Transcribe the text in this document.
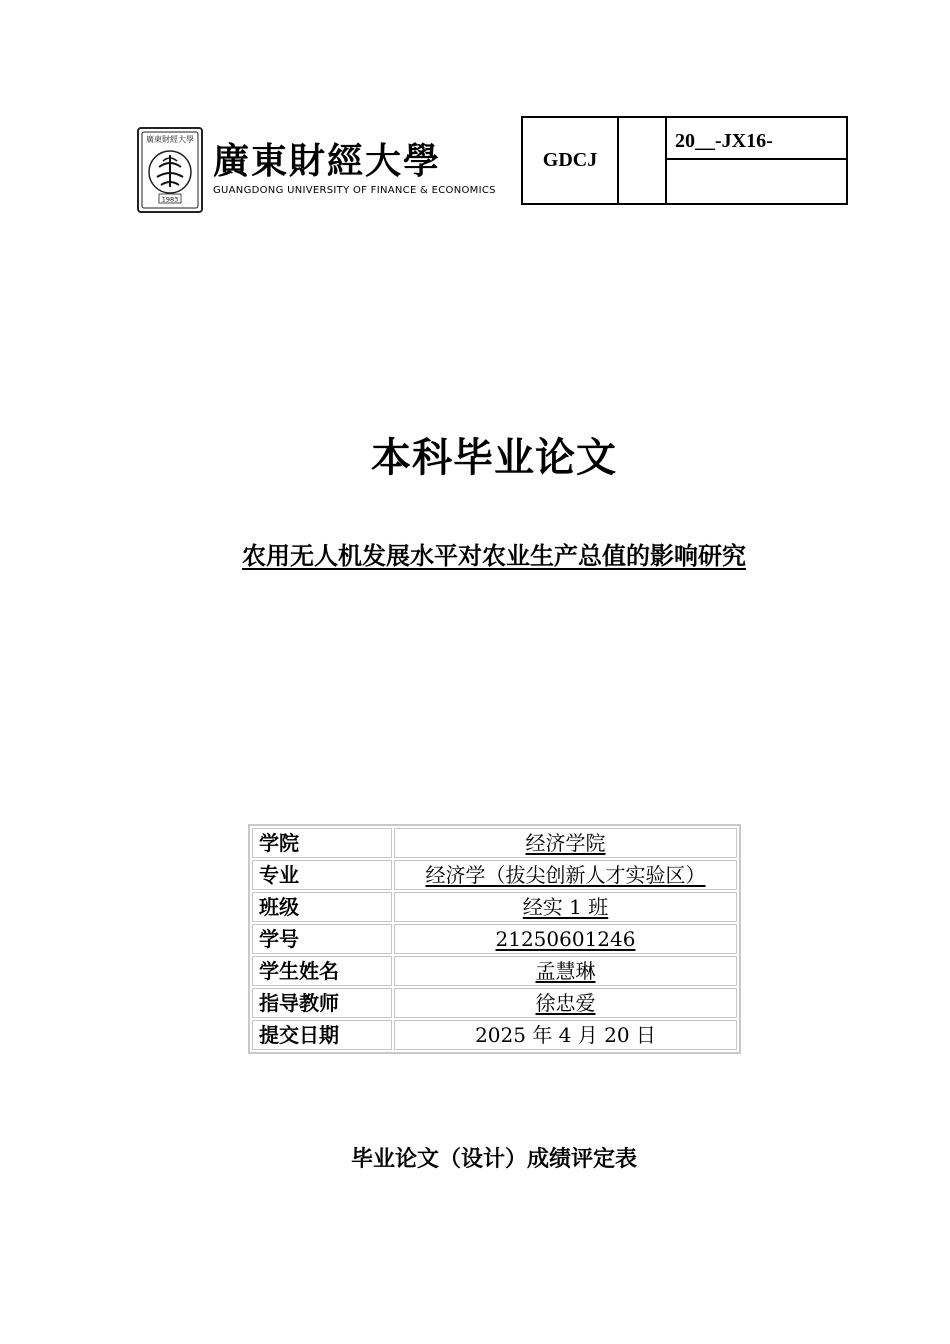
廣東財經大學
1983
廣東財經大學
GUANGDONG UNIVERSITY OF FINANCE & ECONOMICS
GDCJ
20__-JX16-
本科毕业论文
农用无人机发展水平对农业生产总值的影响研究
学院	经济学院
专业	经济学（拔尖创新人才实验区）
班级	经实 1 班
学号	21250601246
学生姓名	孟慧琳
指导教师	徐忠爱
提交日期	2025 年 4 月 20 日
毕业论文（设计）成绩评定表
